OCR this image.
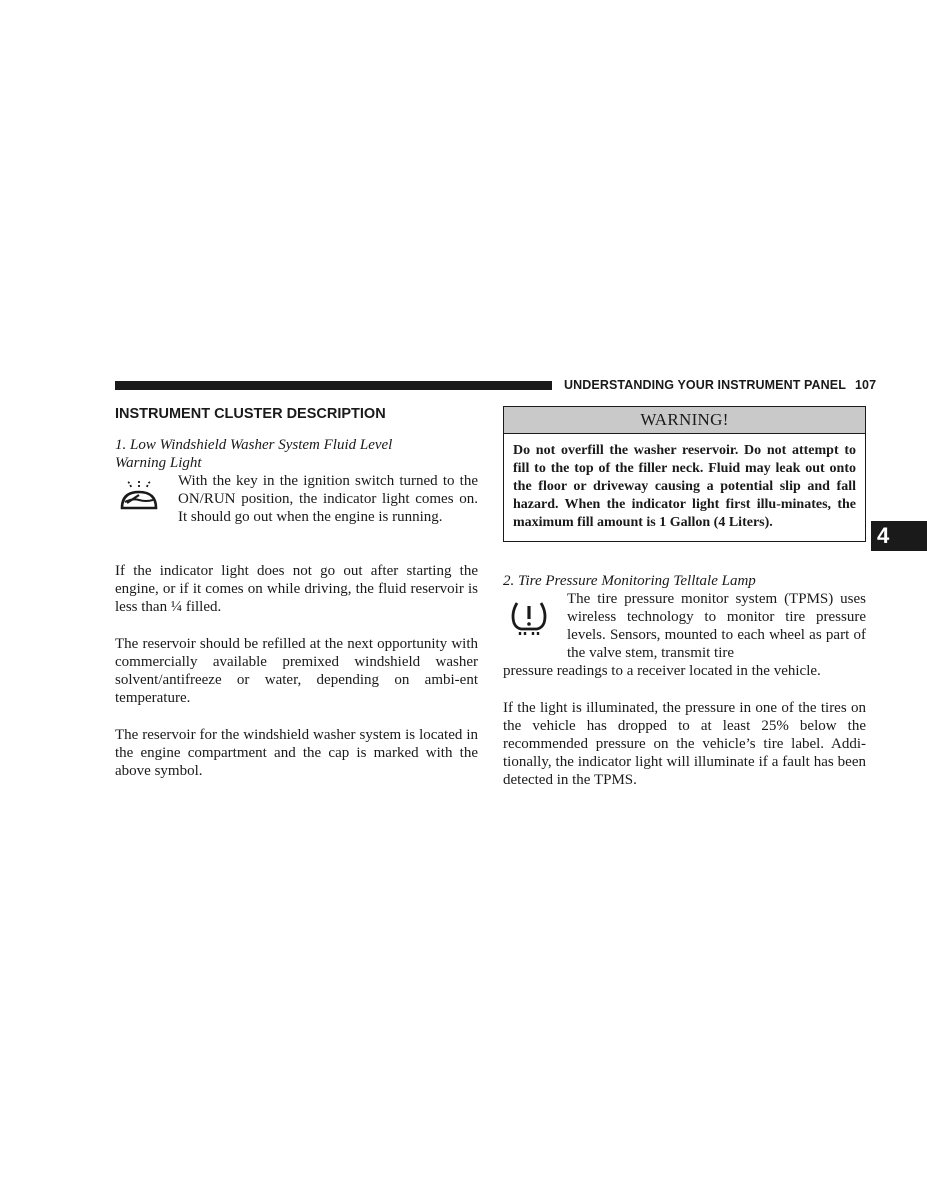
UNDERSTANDING YOUR INSTRUMENT PANEL 107
4
INSTRUMENT CLUSTER DESCRIPTION
1. Low Windshield Washer System Fluid Level
Warning Light
With the key in the ignition switch turned to the ON/RUN position, the indicator light comes on. It should go out when the engine is running.

If the indicator light does not go out after starting the engine, or if it comes on while driving, the fluid reservoir is less than ¼ filled.

The reservoir should be refilled at the next opportunity with commercially available premixed windshield washer solvent/antifreeze or water, depending on ambi-ent temperature.

The reservoir for the windshield washer system is located in the engine compartment and the cap is marked with the above symbol.

WARNING!
Do not overfill the washer reservoir. Do not attempt to fill to the top of the filler neck. Fluid may leak out onto the floor or driveway causing a potential slip and fall hazard. When the indicator light first illu-minates, the maximum fill amount is 1 Gallon (4 Liters).
2. Tire Pressure Monitoring Telltale Lamp
The tire pressure monitor system (TPMS) uses wireless technology to monitor tire pressure levels. Sensors, mounted to each wheel as part of the valve stem, transmit tire

pressure readings to a receiver located in the vehicle.

If the light is illuminated, the pressure in one of the tires on the vehicle has dropped to at least 25% below the recommended pressure on the vehicle’s tire label. Addi-tionally, the indicator light will illuminate if a fault has been detected in the TPMS.
